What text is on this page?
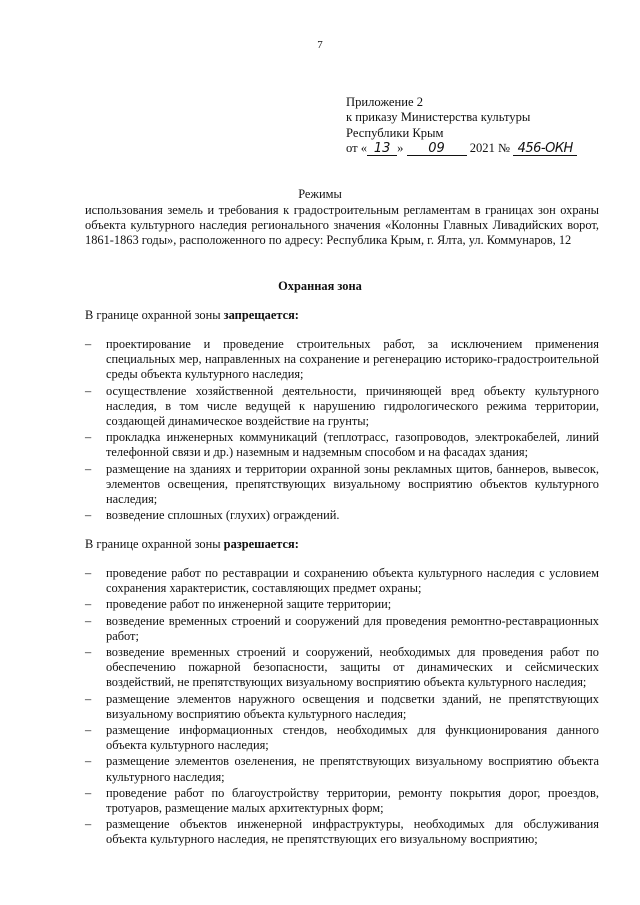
7
Приложение 2
к приказу Министерства культуры
Республики Крым
от « 13 » 09 2021 № 456-ОКН
Режимы
использования земель и требования к градостроительным регламентам в границах зон охраны объекта культурного наследия регионального значения «Колонны Главных Ливадийских ворот, 1861-1863 годы», расположенного по адресу: Республика Крым, г. Ялта, ул. Коммунаров, 12
Охранная зона
В границе охранной зоны запрещается:
– проектирование и проведение строительных работ, за исключением применения специальных мер, направленных на сохранение и регенерацию историко-градостроительной среды объекта культурного наследия;
– осуществление хозяйственной деятельности, причиняющей вред объекту культурного наследия, в том числе ведущей к нарушению гидрологического режима территории, создающей динамическое воздействие на грунты;
– прокладка инженерных коммуникаций (теплотрасс, газопроводов, электрокабелей, линий телефонной связи и др.) наземным и надземным способом и на фасадах здания;
– размещение на зданиях и территории охранной зоны рекламных щитов, баннеров, вывесок, элементов освещения, препятствующих визуальному восприятию объектов культурного наследия;
– возведение сплошных (глухих) ограждений.
В границе охранной зоны разрешается:
– проведение работ по реставрации и сохранению объекта культурного наследия с условием сохранения характеристик, составляющих предмет охраны;
– проведение работ по инженерной защите территории;
– возведение временных строений и сооружений для проведения ремонтно-реставрационных работ;
– возведение временных строений и сооружений, необходимых для проведения работ по обеспечению пожарной безопасности, защиты от динамических и сейсмических воздействий, не препятствующих визуальному восприятию объекта культурного наследия;
– размещение элементов наружного освещения и подсветки зданий, не препятствующих визуальному восприятию объекта культурного наследия;
– размещение информационных стендов, необходимых для функционирования данного объекта культурного наследия;
– размещение элементов озеленения, не препятствующих визуальному восприятию объекта культурного наследия;
– проведение работ по благоустройству территории, ремонту покрытия дорог, проездов, тротуаров, размещение малых архитектурных форм;
– размещение объектов инженерной инфраструктуры, необходимых для обслуживания объекта культурного наследия, не препятствующих его визуальному восприятию;
